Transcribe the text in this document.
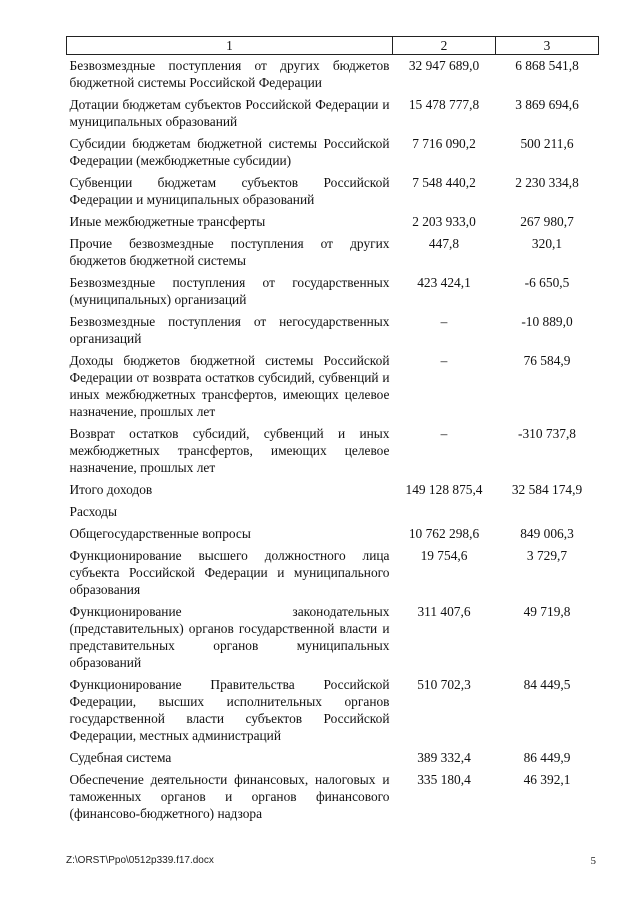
1	2	3
Безвозмездные поступления от других бюджетов бюджетной системы Российской Федерации	32 947 689,0	6 868 541,8
Дотации бюджетам субъектов Российской Федерации и муниципальных образований	15 478 777,8	3 869 694,6
Субсидии бюджетам бюджетной системы Российской Федерации (межбюджетные субсидии)	7 716 090,2	500 211,6
Субвенции бюджетам субъектов Российской Федерации и муниципальных образований	7 548 440,2	2 230 334,8
Иные межбюджетные трансферты	2 203 933,0	267 980,7
Прочие безвозмездные поступления от других бюджетов бюджетной системы	447,8	320,1
Безвозмездные поступления от государственных (муниципальных) организаций	423 424,1	-6 650,5
Безвозмездные поступления от негосударственных организаций	–	-10 889,0
Доходы бюджетов бюджетной системы Российской Федерации от возврата остатков субсидий, субвенций и иных межбюджетных трансфертов, имеющих целевое назначение, прошлых лет	–	76 584,9
Возврат остатков субсидий, субвенций и иных межбюджетных трансфертов, имеющих целевое назначение, прошлых лет	–	-310 737,8
Итого доходов	149 128 875,4	32 584 174,9
Расходы		
Общегосударственные вопросы	10 762 298,6	849 006,3
Функционирование высшего должностного лица субъекта Российской Федерации и муниципального образования	19 754,6	3 729,7
Функционирование законодательных (представительных) органов государственной власти и представительных органов муниципальных образований	311 407,6	49 719,8
Функционирование Правительства Российской Федерации, высших исполнительных органов государственной власти субъектов Российской Федерации, местных администраций	510 702,3	84 449,5
Судебная система	389 332,4	86 449,9
Обеспечение деятельности финансовых, налоговых и таможенных органов и органов финансового (финансово-бюджетного) надзора	335 180,4	46 392,1
Z:\ORST\Ppo\0512p339.f17.docx	5
